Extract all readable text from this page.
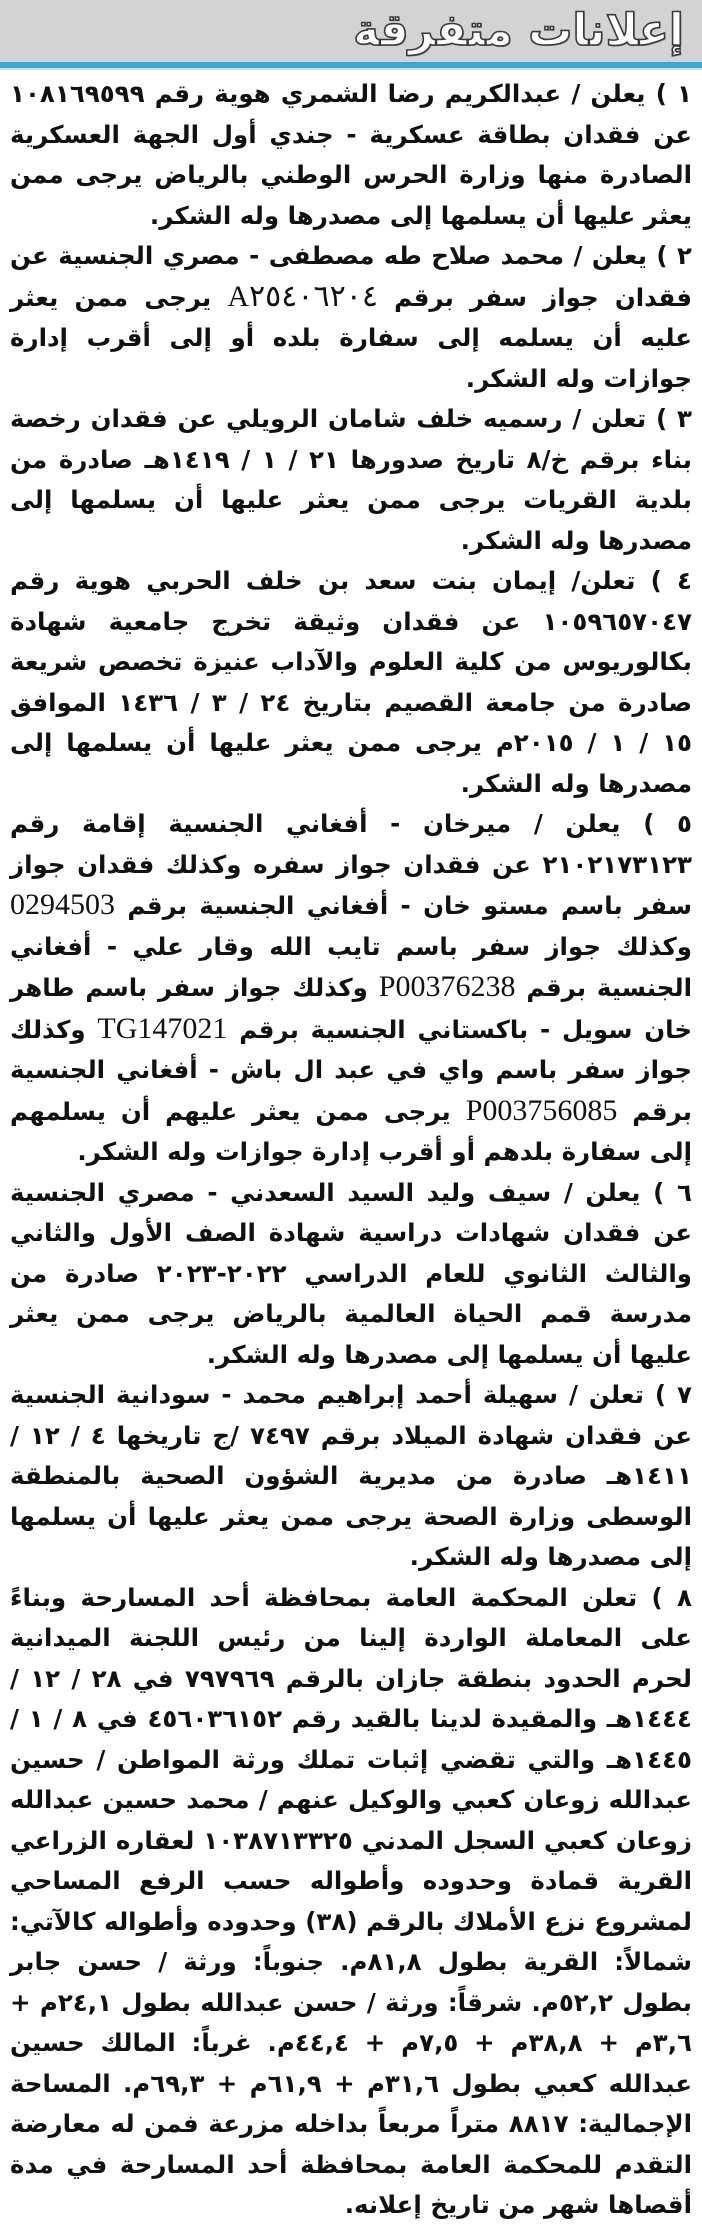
إعلانات متفرقة

١ ) يعلن / عبدالكريم رضا الشمري هوية رقم ١٠٨١٦٩٥٩٩ عن فقدان بطاقة عسكرية - جندي أول الجهة العسكرية الصادرة منها وزارة الحرس الوطني بالرياض يرجى ممن يعثر عليها أن يسلمها إلى مصدرها وله الشكر.

٢ ) يعلن / محمد صلاح طه مصطفى - مصري الجنسية عن فقدان جواز سفر برقم A٢٥٤٠٦٢٠٤ يرجى ممن يعثر عليه أن يسلمه إلى سفارة بلده أو إلى أقرب إدارة جوازات وله الشكر.

٣ ) تعلن / رسميه خلف شامان الرويلي عن فقدان رخصة بناء برقم خ/٨ تاريخ صدورها ٢١ / ١ / ١٤١٩هـ صادرة من بلدية القريات يرجى ممن يعثر عليها أن يسلمها إلى مصدرها وله الشكر.

٤ ) تعلن/ إيمان بنت سعد بن خلف الحربي هوية رقم ١٠٥٩٦٥٧٠٤٧ عن فقدان وثيقة تخرج جامعية شهادة بكالوريوس من كلية العلوم والآداب عنيزة تخصص شريعة صادرة من جامعة القصيم بتاريخ ٢٤ / ٣ / ١٤٣٦ الموافق ١٥ / ١ / ٢٠١٥م يرجى ممن يعثر عليها أن يسلمها إلى مصدرها وله الشكر.

٥ ) يعلن / ميرخان - أفغاني الجنسية إقامة رقم ٢١٠٢١٧٣١٢٣ عن فقدان جواز سفره وكذلك فقدان جواز سفر باسم مستو خان - أفغاني الجنسية برقم 0294503 وكذلك جواز سفر باسم تايب الله وقار علي - أفغاني الجنسية برقم P00376238 وكذلك جواز سفر باسم طاهر خان سويل - باكستاني الجنسية برقم TG147021 وكذلك جواز سفر باسم واي في عبد ال باش - أفغاني الجنسية برقم P003756085 يرجى ممن يعثر عليهم أن يسلمهم إلى سفارة بلدهم أو أقرب إدارة جوازات وله الشكر.

٦ ) يعلن / سيف وليد السيد السعدني - مصري الجنسية عن فقدان شهادات دراسية شهادة الصف الأول والثاني والثالث الثانوي للعام الدراسي ٢٠٢٢-٢٠٢٣ صادرة من مدرسة قمم الحياة العالمية بالرياض يرجى ممن يعثر عليها أن يسلمها إلى مصدرها وله الشكر.

٧ ) تعلن / سهيلة أحمد إبراهيم محمد - سودانية الجنسية عن فقدان شهادة الميلاد برقم ٧٤٩٧ /ج تاريخها ٤ / ١٢ / ١٤١١هـ صادرة من مديرية الشؤون الصحية بالمنطقة الوسطى وزارة الصحة يرجى ممن يعثر عليها أن يسلمها إلى مصدرها وله الشكر.

٨ ) تعلن المحكمة العامة بمحافظة أحد المسارحة وبناءً على المعاملة الواردة إلينا من رئيس اللجنة الميدانية لحرم الحدود بنطقة جازان بالرقم ٧٩٧٩٦٩ في ٢٨ / ١٢ / ١٤٤٤هـ والمقيدة لدينا بالقيد رقم ٤٥٦٠٣٦١٥٢ في ٨ / ١ / ١٤٤٥هـ والتي تقضي إثبات تملك ورثة المواطن / حسين عبدالله زوعان كعبي والوكيل عنهم / محمد حسين عبدالله زوعان كعبي السجل المدني ١٠٣٨٧١٣٣٢٥ لعقاره الزراعي القرية قمادة وحدوده وأطواله حسب الرفع المساحي لمشروع نزع الأملاك بالرقم (٣٨) وحدوده وأطواله كالآتي: شمالاً: القرية بطول ٨١,٨م. جنوباً: ورثة / حسن جابر بطول ٥٢,٢م. شرقاً: ورثة / حسن عبدالله بطول ٢٤,١م + ٣,٦م + ٣٨,٨م + ٧,٥م + ٤٤,٤م. غرباً: المالك حسين عبدالله كعبي بطول ٣١,٦م + ٦١,٩م + ٦٩,٣م. المساحة الإجمالية: ٨٨١٧ متراً مربعاً بداخله مزرعة فمن له معارضة التقدم للمحكمة العامة بمحافظة أحد المسارحة في مدة أقصاها شهر من تاريخ إعلانه.
